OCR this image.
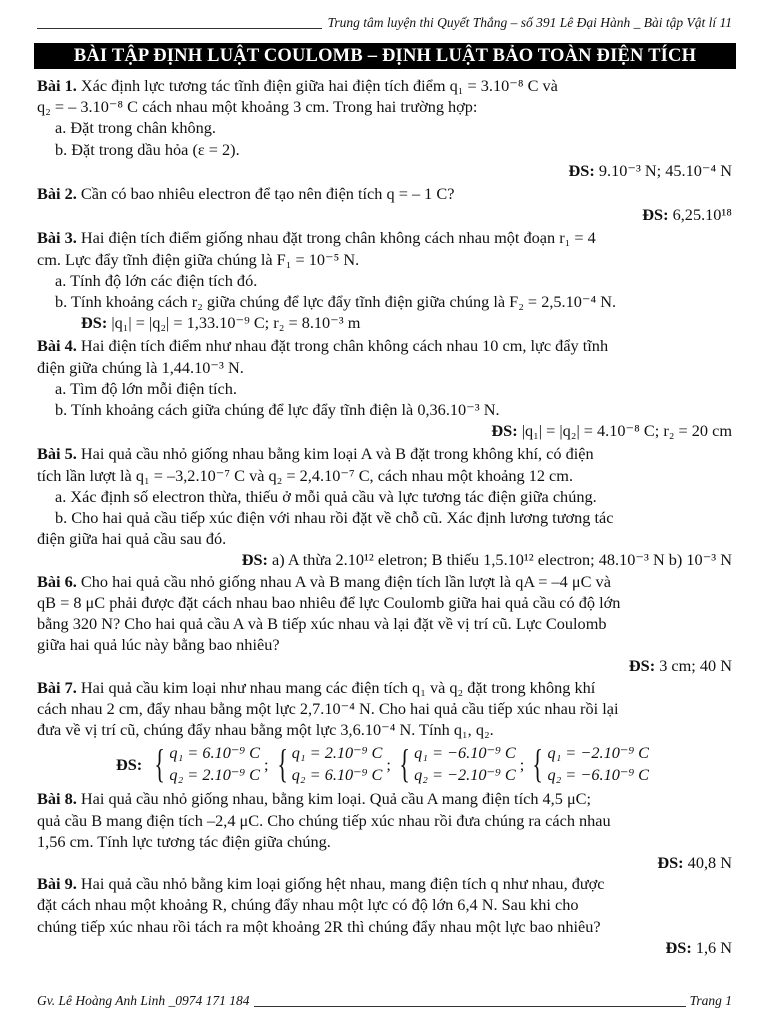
Trung tâm luyện thi Quyết Thắng – số 391 Lê Đại Hành _ Bài tập Vật lí 11
BÀI TẬP ĐỊNH LUẬT COULOMB – ĐỊNH LUẬT BẢO TOÀN ĐIỆN TÍCH

Bài 1. Xác định lực tương tác tĩnh điện giữa hai điện tích điểm q₁ = 3.10⁻⁸ C và

q₂ = – 3.10⁻⁸ C cách nhau một khoảng 3 cm. Trong hai trường hợp:

a. Đặt trong chân không.

b. Đặt trong dầu hỏa (ε = 2).

ĐS: 9.10⁻³ N; 45.10⁻⁴ N

Bài 2. Cần có bao nhiêu electron để tạo nên điện tích q = – 1 C?

ĐS: 6,25.10¹⁸

Bài 3. Hai điện tích điểm giống nhau đặt trong chân không cách nhau một đoạn r₁ = 4

cm. Lực đẩy tĩnh điện giữa chúng là F₁ = 10⁻⁵ N.

a. Tính độ lớn các điện tích đó.

b. Tính khoảng cách r₂ giữa chúng để lực đẩy tĩnh điện giữa chúng là F₂ = 2,5.10⁻⁴ N.

ĐS: |q₁| = |q₂| = 1,33.10⁻⁹ C; r₂ = 8.10⁻³ m

Bài 4. Hai điện tích điểm như nhau đặt trong chân không cách nhau 10 cm, lực đẩy tĩnh

điện giữa chúng là 1,44.10⁻³ N.

a. Tìm độ lớn mỗi điện tích.

b. Tính khoảng cách giữa chúng để lực đẩy tĩnh điện là 0,36.10⁻³ N.

ĐS: |q₁| = |q₂| = 4.10⁻⁸ C; r₂ = 20 cm

Bài 5. Hai quả cầu nhỏ giống nhau bằng kim loại A và B đặt trong không khí, có điện

tích lần lượt là q₁ = –3,2.10⁻⁷ C và q₂ = 2,4.10⁻⁷ C, cách nhau một khoảng 12 cm.

a. Xác định số electron thừa, thiếu ở mỗi quả cầu và lực tương tác điện giữa chúng.

b. Cho hai quả cầu tiếp xúc điện với nhau rồi đặt về chỗ cũ. Xác định lương tương tác

điện giữa hai quả cầu sau đó.

ĐS: a) A thừa 2.10¹² eletron; B thiếu 1,5.10¹² electron; 48.10⁻³ N b) 10⁻³ N

Bài 6. Cho hai quả cầu nhỏ giống nhau A và B mang điện tích lần lượt là qA = –4 μC và

qB = 8 μC phải được đặt cách nhau bao nhiêu để lực Coulomb giữa hai quả cầu có độ lớn

bằng 320 N? Cho hai quả cầu A và B tiếp xúc nhau và lại đặt về vị trí cũ. Lực Coulomb

giữa hai quả lúc này bằng bao nhiêu?

ĐS: 3 cm; 40 N

Bài 7. Hai quả cầu kim loại như nhau mang các điện tích q₁ và q₂ đặt trong không khí

cách nhau 2 cm, đẩy nhau bằng một lực 2,7.10⁻⁴ N. Cho hai quả cầu tiếp xúc nhau rồi lại

đưa về vị trí cũ, chúng đẩy nhau bằng một lực 3,6.10⁻⁴ N. Tính q₁, q₂.

ĐS: { q₁ = 6.10⁻⁹ C
q₂ = 2.10⁻⁹ C
; { q₁ = 2.10⁻⁹ C
q₂ = 6.10⁻⁹ C
; { q₁ = −6.10⁻⁹ C
q₂ = −2.10⁻⁹ C
; { q₁ = −2.10⁻⁹ C
q₂ = −6.10⁻⁹ C

Bài 8. Hai quả cầu nhỏ giống nhau, bằng kim loại. Quả cầu A mang điện tích 4,5 μC;

quả cầu B mang điện tích –2,4 μC. Cho chúng tiếp xúc nhau rồi đưa chúng ra cách nhau

1,56 cm. Tính lực tương tác điện giữa chúng.

ĐS: 40,8 N

Bài 9. Hai quả cầu nhỏ bằng kim loại giống hệt nhau, mang điện tích q như nhau, được

đặt cách nhau một khoảng R, chúng đẩy nhau một lực có độ lớn 6,4 N. Sau khi cho

chúng tiếp xúc nhau rồi tách ra một khoảng 2R thì chúng đẩy nhau một lực bao nhiêu?

ĐS: 1,6 N

Gv. Lê Hoàng Anh Linh _0974 171 184	Trang 1
